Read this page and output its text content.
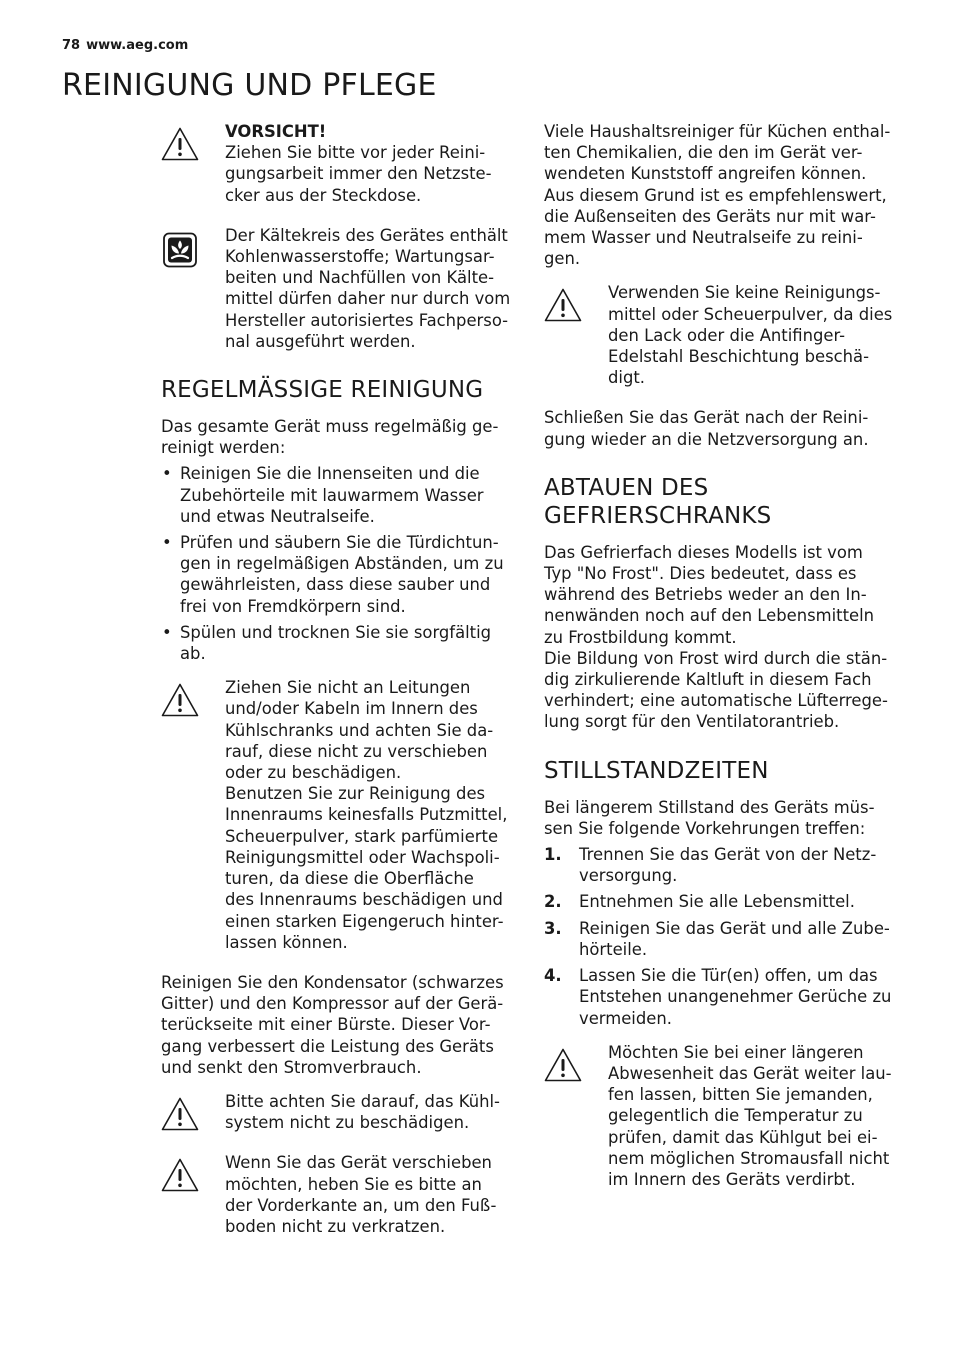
78 www.aeg.com
REINIGUNG UND PFLEGE

VORSICHT!

Ziehen Sie bitte vor jeder Reini-
gungsarbeit immer den Netzste-
cker aus der Steckdose.

Der Kältekreis des Gerätes enthält
Kohlenwasserstoffe; Wartungsar-
beiten und Nachfüllen von Kälte-
mittel dürfen daher nur durch vom
Hersteller autorisiertes Fachperso-
nal ausgeführt werden.

REGELMÄSSIGE REINIGUNG

Das gesamte Gerät muss regelmäßig ge-
reinigt werden:

• Reinigen Sie die Innenseiten und die
Zubehörteile mit lauwarmem Wasser
und etwas Neutralseife.
• Prüfen und säubern Sie die Türdichtun-
gen in regelmäßigen Abständen, um zu
gewährleisten, dass diese sauber und
frei von Fremdkörpern sind.
• Spülen und trocknen Sie sie sorgfältig
ab.

Ziehen Sie nicht an Leitungen
und/oder Kabeln im Innern des
Kühlschranks und achten Sie da-
rauf, diese nicht zu verschieben
oder zu beschädigen.
Benutzen Sie zur Reinigung des
Innenraums keinesfalls Putzmittel,
Scheuerpulver, stark parfümierte
Reinigungsmittel oder Wachspoli-
turen, da diese die Oberfläche
des Innenraums beschädigen und
einen starken Eigengeruch hinter-
lassen können.

Reinigen Sie den Kondensator (schwarzes
Gitter) und den Kompressor auf der Gerä-
terückseite mit einer Bürste. Dieser Vor-
gang verbessert die Leistung des Geräts
und senkt den Stromverbrauch.

Bitte achten Sie darauf, das Kühl-
system nicht zu beschädigen.

Wenn Sie das Gerät verschieben
möchten, heben Sie es bitte an
der Vorderkante an, um den Fuß-
boden nicht zu verkratzen.

Viele Haushaltsreiniger für Küchen enthal-
ten Chemikalien, die den im Gerät ver-
wendeten Kunststoff angreifen können.
Aus diesem Grund ist es empfehlenswert,
die Außenseiten des Geräts nur mit war-
mem Wasser und Neutralseife zu reini-
gen.

Verwenden Sie keine Reinigungs-
mittel oder Scheuerpulver, da dies
den Lack oder die Antifinger-
Edelstahl Beschichtung beschä-
digt.

Schließen Sie das Gerät nach der Reini-
gung wieder an die Netzversorgung an.

ABTAUEN DES
GEFRIERSCHRANKS

Das Gefrierfach dieses Modells ist vom
Typ "No Frost". Dies bedeutet, dass es
während des Betriebs weder an den In-
nenwänden noch auf den Lebensmitteln
zu Frostbildung kommt.
Die Bildung von Frost wird durch die stän-
dig zirkulierende Kaltluft in diesem Fach
verhindert; eine automatische Lüfterrege-
lung sorgt für den Ventilatorantrieb.

STILLSTANDZEITEN

Bei längerem Stillstand des Geräts müs-
sen Sie folgende Vorkehrungen treffen:

1. Trennen Sie das Gerät von der Netz-
versorgung.
2. Entnehmen Sie alle Lebensmittel.
3. Reinigen Sie das Gerät und alle Zube-
hörteile.
4. Lassen Sie die Tür(en) offen, um das
Entstehen unangenehmer Gerüche zu
vermeiden.

Möchten Sie bei einer längeren
Abwesenheit das Gerät weiter lau-
fen lassen, bitten Sie jemanden,
gelegentlich die Temperatur zu
prüfen, damit das Kühlgut bei ei-
nem möglichen Stromausfall nicht
im Innern des Geräts verdirbt.
